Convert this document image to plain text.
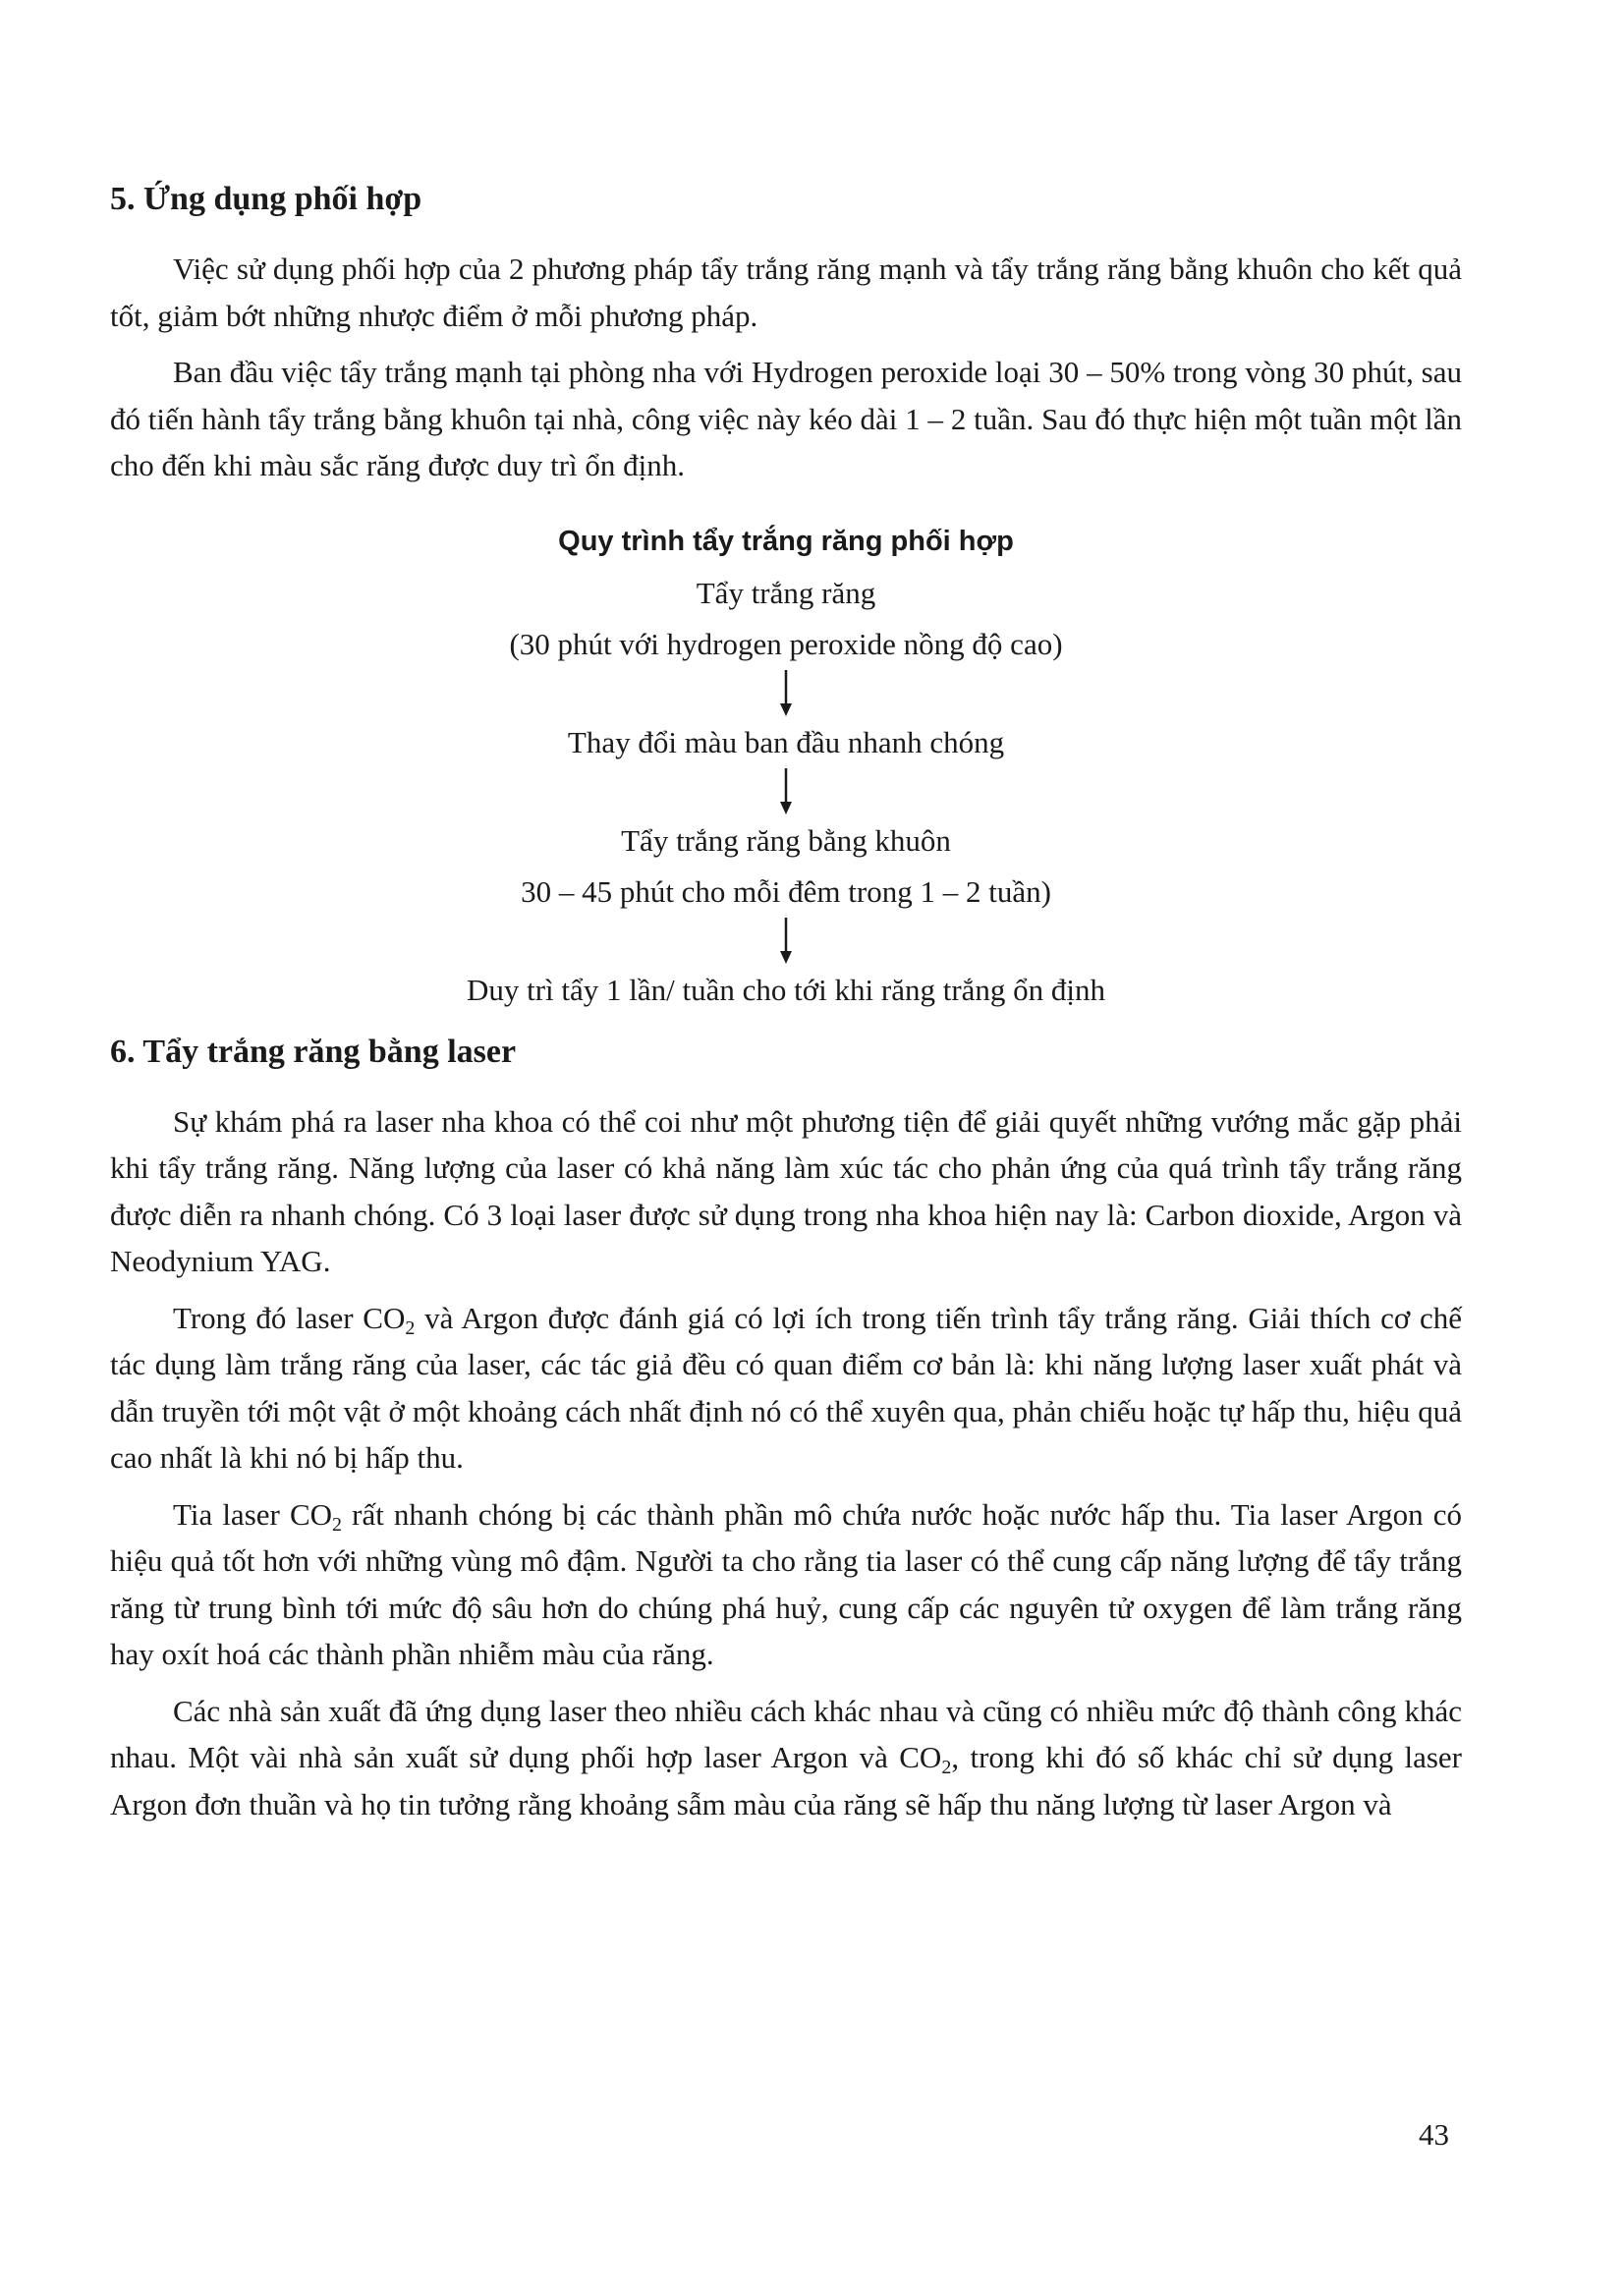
5. Ứng dụng phối hợp

Việc sử dụng phối hợp của 2 phương pháp tẩy trắng răng mạnh và tẩy trắng răng bằng khuôn cho kết quả tốt, giảm bớt những nhược điểm ở mỗi phương pháp.

Ban đầu việc tẩy trắng mạnh tại phòng nha với Hydrogen peroxide loại 30 – 50% trong vòng 30 phút, sau đó tiến hành tẩy trắng bằng khuôn tại nhà, công việc này kéo dài 1 – 2 tuần. Sau đó thực hiện một tuần một lần cho đến khi màu sắc răng được duy trì ổn định.

Quy trình tẩy trắng răng phối hợp
Tẩy trắng răng
(30 phút với hydrogen peroxide nồng độ cao)
Thay đổi màu ban đầu nhanh chóng
Tẩy trắng răng bằng khuôn
30 – 45 phút cho mỗi đêm trong 1 – 2 tuần)
Duy trì tẩy 1 lần/ tuần cho tới khi răng trắng ổn định
6. Tẩy trắng răng bằng laser

Sự khám phá ra laser nha khoa có thể coi như một phương tiện để giải quyết những vướng mắc gặp phải khi tẩy trắng răng. Năng lượng của laser có khả năng làm xúc tác cho phản ứng của quá trình tẩy trắng răng được diễn ra nhanh chóng. Có 3 loại laser được sử dụng trong nha khoa hiện nay là: Carbon dioxide, Argon và Neodynium YAG.

Trong đó laser $CO_2$ và Argon được đánh giá có lợi ích trong tiến trình tẩy trắng răng. Giải thích cơ chế tác dụng làm trắng răng của laser, các tác giả đều có quan điểm cơ bản là: khi năng lượng laser xuất phát và dẫn truyền tới một vật ở một khoảng cách nhất định nó có thể xuyên qua, phản chiếu hoặc tự hấp thu, hiệu quả cao nhất là khi nó bị hấp thu.

Tia laser $CO_2$ rất nhanh chóng bị các thành phần mô chứa nước hoặc nước hấp thu. Tia laser Argon có hiệu quả tốt hơn với những vùng mô đậm. Người ta cho rằng tia laser có thể cung cấp năng lượng để tẩy trắng răng từ trung bình tới mức độ sâu hơn do chúng phá huỷ, cung cấp các nguyên tử oxygen để làm trắng răng hay oxít hoá các thành phần nhiễm màu của răng.

Các nhà sản xuất đã ứng dụng laser theo nhiều cách khác nhau và cũng có nhiều mức độ thành công khác nhau. Một vài nhà sản xuất sử dụng phối hợp laser Argon và $CO_2$, trong khi đó số khác chỉ sử dụng laser Argon đơn thuần và họ tin tưởng rằng khoảng sẫm màu của răng sẽ hấp thu năng lượng từ laser Argon và

43
